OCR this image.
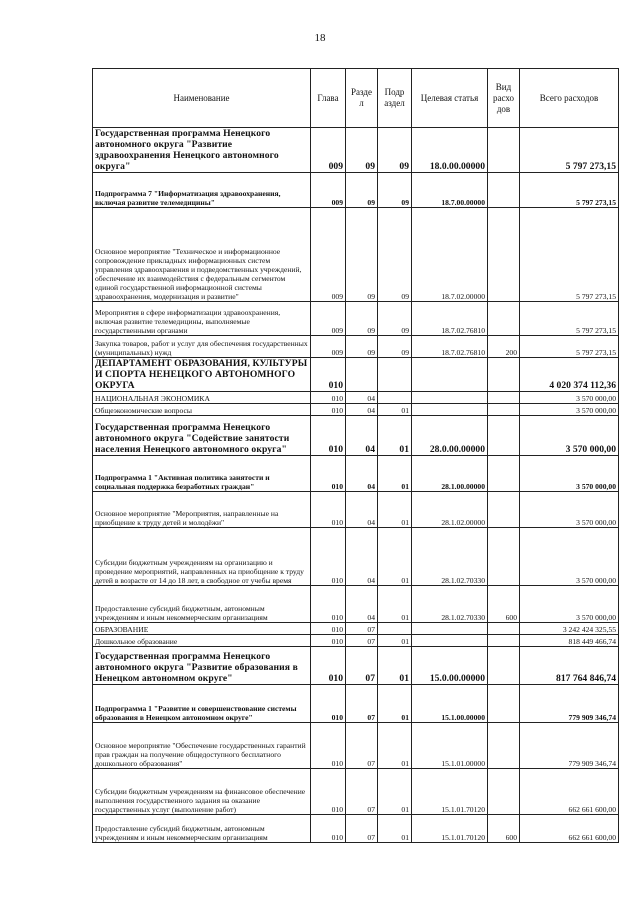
18
Наименование	Глава	Разде л	Подр аздел	Целевая статья	Вид расхо дов	Всего расходов
Государственная программа Ненецкого автономного округа "Развитие здравоохранения Ненецкого автономного округа"	009	09	09	18.0.00.00000		5 797 273,15
Подпрограмма 7 "Информатизация здравоохранения, включая развитие телемедицины"	009	09	09	18.7.00.00000		5 797 273,15
Основное мероприятие "Техническое и информационное сопровождение прикладных информационных систем управления здравоохранения и подведомственных учреждений, обеспечение их взаимодействия с федеральным сегментом единой государственной информационной системы здравоохранения, модернизация и развитие"	009	09	09	18.7.02.00000		5 797 273,15
Мероприятия в сфере информатизации здравоохранения, включая развитие телемедицины, выполняемые государственными органами	009	09	09	18.7.02.76810		5 797 273,15
Закупка товаров, работ и услуг для обеспечения государственных (муниципальных) нужд	009	09	09	18.7.02.76810	200	5 797 273,15
ДЕПАРТАМЕНТ ОБРАЗОВАНИЯ, КУЛЬТУРЫ И СПОРТА НЕНЕЦКОГО АВТОНОМНОГО ОКРУГА	010					4 020 374 112,36
НАЦИОНАЛЬНАЯ ЭКОНОМИКА	010	04				3 570 000,00
Общеэкономические вопросы	010	04	01			3 570 000,00
Государственная программа Ненецкого автономного округа "Содействие занятости населения Ненецкого автономного округа"	010	04	01	28.0.00.00000		3 570 000,00
Подпрограмма 1 "Активная политика занятости и социальная поддержка безработных граждан"	010	04	01	28.1.00.00000		3 570 000,00
Основное мероприятие "Мероприятия, направленные на приобщение к труду детей и молодёжи"	010	04	01	28.1.02.00000		3 570 000,00
Субсидии бюджетным учреждениям на организацию и проведение мероприятий, направленных на приобщение к труду детей в возрасте от 14 до 18 лет, в свободное от учебы время	010	04	01	28.1.02.70330		3 570 000,00
Предоставление субсидий бюджетным, автономным учреждениям и иным некоммерческим организациям	010	04	01	28.1.02.70330	600	3 570 000,00
ОБРАЗОВАНИЕ	010	07				3 242 424 325,55
Дошкольное образование	010	07	01			818 449 466,74
Государственная программа Ненецкого автономного округа "Развитие образования в Ненецком автономном округе"	010	07	01	15.0.00.00000		817 764 846,74
Подпрограмма 1 "Развитие и совершенствование системы образования в Ненецком автономном округе"	010	07	01	15.1.00.00000		779 909 346,74
Основное мероприятие "Обеспечение государственных гарантий прав граждан на получение общедоступного бесплатного дошкольного образования"	010	07	01	15.1.01.00000		779 909 346,74
Субсидии бюджетным учреждениям на финансовое обеспечение выполнения государственного задания на оказание государственных услуг (выполнение работ)	010	07	01	15.1.01.70120		662 661 600,00
Предоставление субсидий бюджетным, автономным учреждениям и иным некоммерческим организациям	010	07	01	15.1.01.70120	600	662 661 600,00
